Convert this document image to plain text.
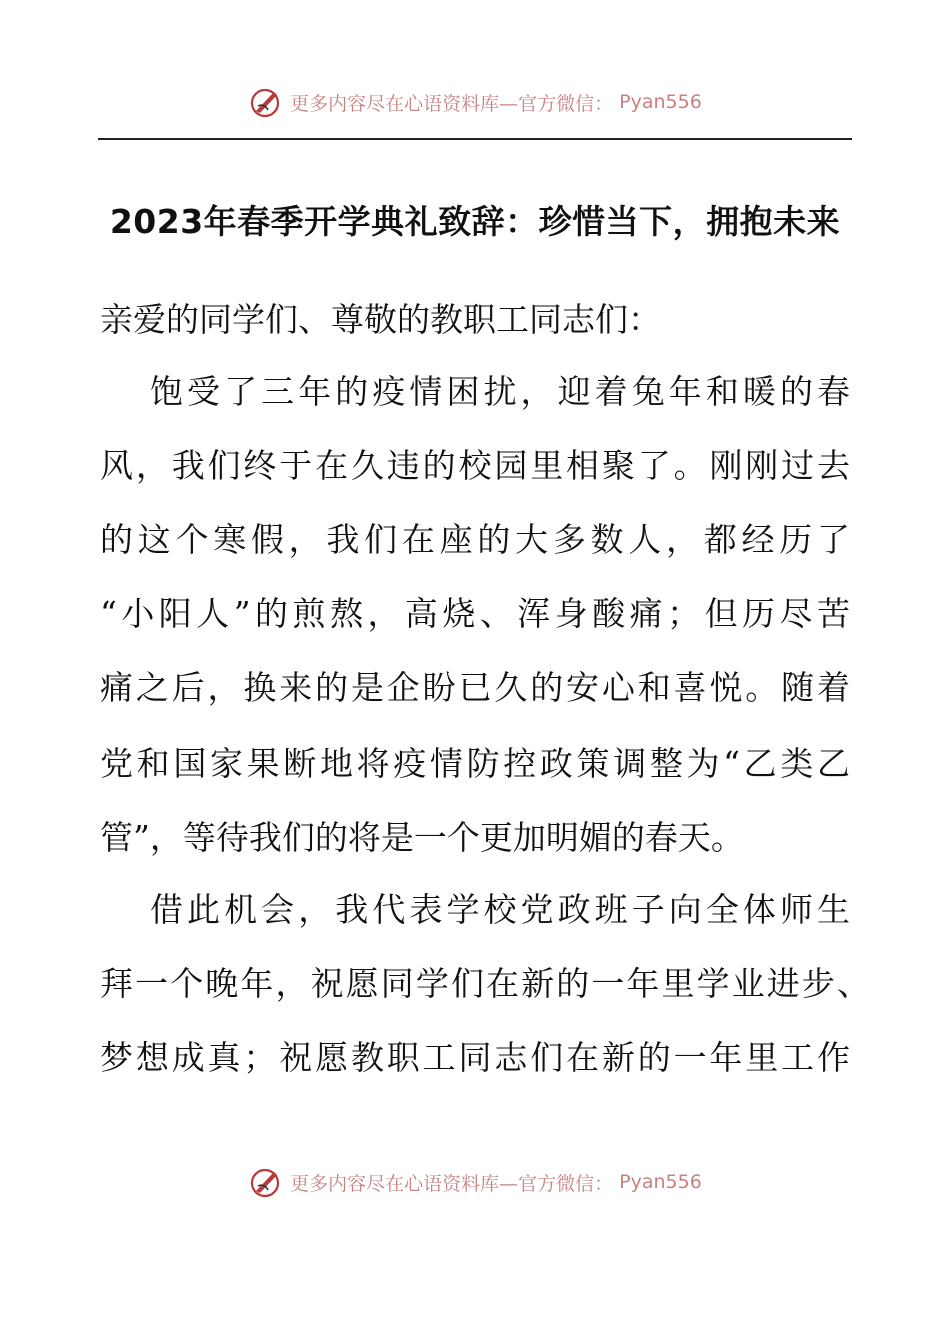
更多内容尽在心语资料库—官方微信： Pyan556
2023年春季开学典礼致辞：珍惜当下，拥抱未来
亲爱的同学们、尊敬的教职工同志们：
饱受了三年的疫情困扰，迎着兔年和暖的春
风，我们终于在久违的校园里相聚了。刚刚过去
的这个寒假，我们在座的大多数人，都经历了
“小阳人”的煎熬，高烧、浑身酸痛；但历尽苦
痛之后，换来的是企盼已久的安心和喜悦。随着
党和国家果断地将疫情防控政策调整为“乙类乙
管”，等待我们的将是一个更加明媚的春天。
借此机会，我代表学校党政班子向全体师生
拜一个晚年，祝愿同学们在新的一年里学业进步、
梦想成真；祝愿教职工同志们在新的一年里工作
更多内容尽在心语资料库—官方微信： Pyan556
